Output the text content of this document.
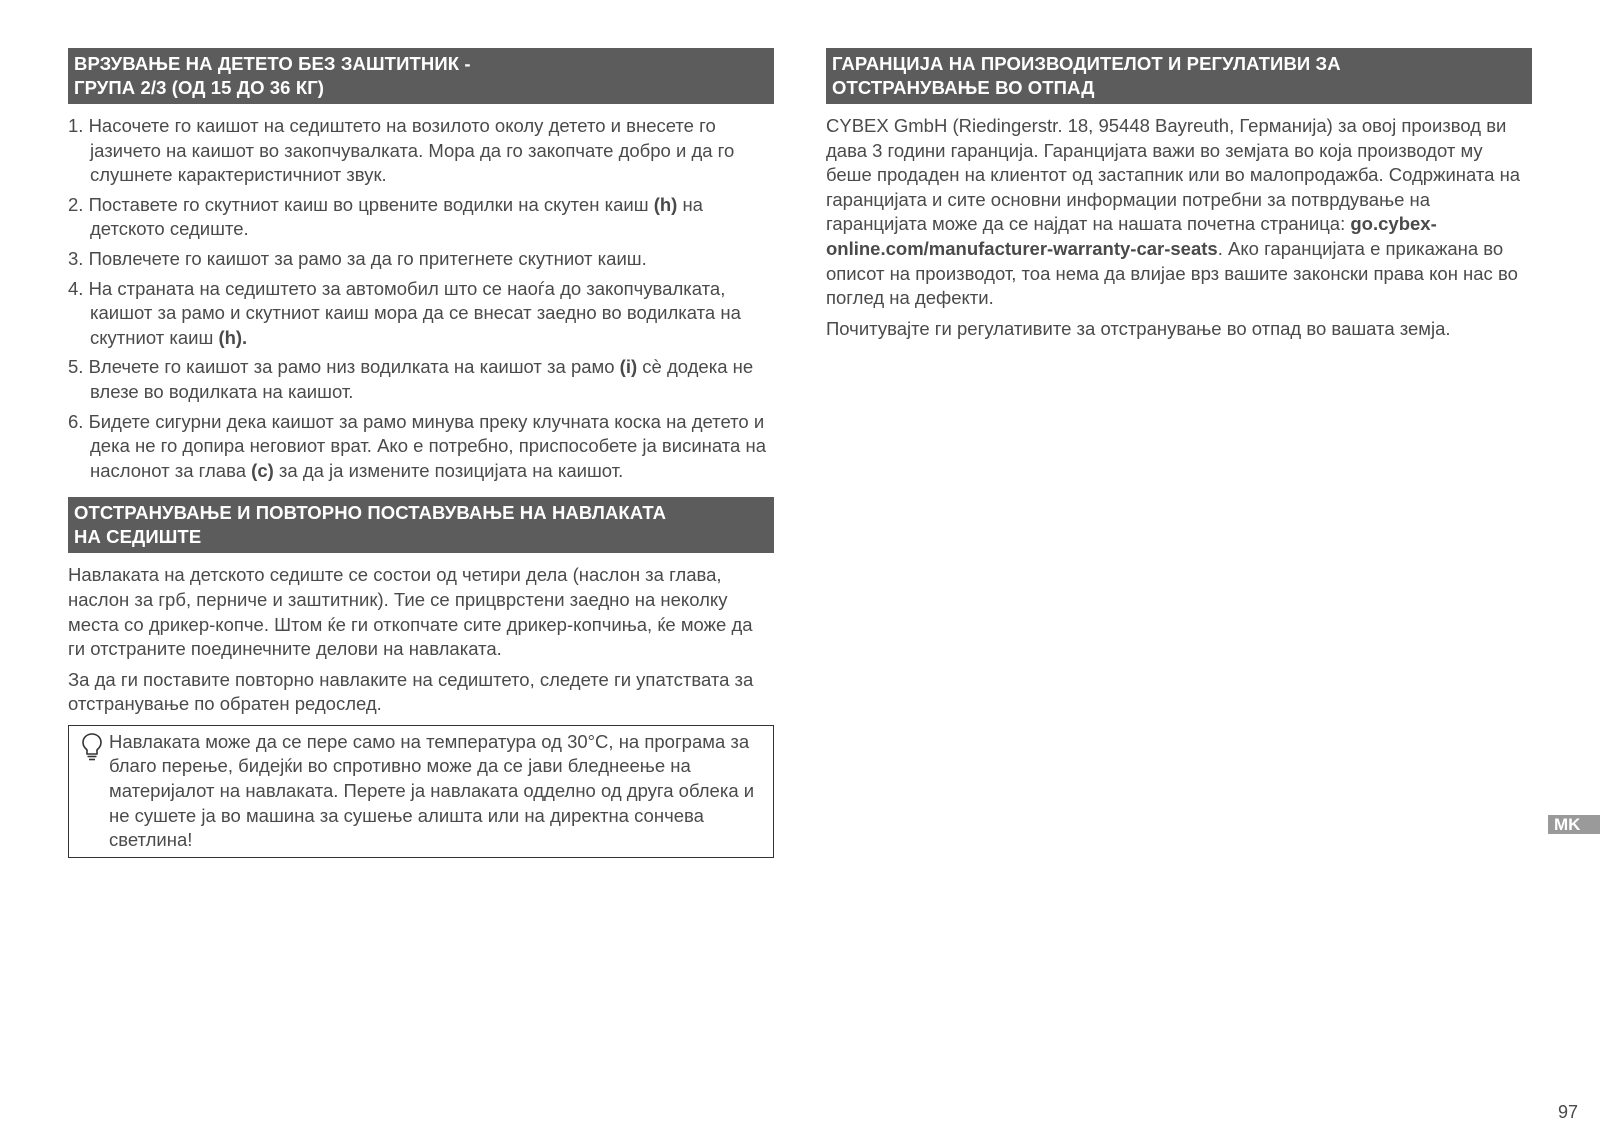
ВРЗУВАЊЕ НА ДЕТЕТО БЕЗ ЗАШТИТНИК -
ГРУПА 2/3 (ОД 15 ДО 36 КГ)
1. Насочете го каишот на седиштето на возилото околу детето и внесете го јазичето на каишот во закопчувалката. Мора да го закопчате добро и да го слушнете карактеристичниот звук.
2. Поставете го скутниот каиш во црвените водилки на скутен каиш (h) на детското седиште.
3. Повлечете го каишот за рамо за да го притегнете скутниот каиш.
4. На страната на седиштето за автомобил што се наоѓа до закопчувалката, каишот за рамо и скутниот каиш мора да се внесат заедно во водилката на скутниот каиш (h).
5. Влечете го каишот за рамо низ водилката на каишот за рамо (i) сѐ додека не влезе во водилката на каишот.
6. Бидете сигурни дека каишот за рамо минува преку клучната коска на детето и дека не го допира неговиот врат. Ако е потребно, приспособете ја висината на наслонот за глава (c) за да ја измените позицијата на каишот.
ОТСТРАНУВАЊЕ И ПОВТОРНО ПОСТАВУВАЊЕ НА НАВЛАКАТА
НА СЕДИШТЕ

Навлаката на детското седиште се состои од четири дела (наслон за глава, наслон за грб, перниче и заштитник). Тие се прицврстени заедно на неколку места со дрикер-копче. Штом ќе ги откопчате сите дрикер-копчиња, ќе може да ги отстраните поединечните делови на навлаката.

За да ги поставите повторно навлаките на седиштето, следете ги упатствата за отстранување по обратен редослед.

Навлаката може да се пере само на температура од 30°C, на програма за благо перење, бидејќи во спротивно може да се јави бледнеење на материјалот на навлаката. Перете ја навлаката одделно од друга облека и не сушете ја во машина за сушење алишта или на директна сончева светлина!

ГАРАНЦИЈА НА ПРОИЗВОДИТЕЛОТ И РЕГУЛАТИВИ ЗА
ОТСТРАНУВАЊЕ ВО ОТПАД

CYBEX GmbH (Riedingerstr. 18, 95448 Bayreuth, Германија) за овој производ ви дава 3 години гаранција. Гаранцијата важи во земјата во која производот му беше продаден на клиентот од застапник или во малопродажба. Содржината на гаранцијата и сите основни информации потребни за потврдување на гаранцијата може да се најдат на нашата почетна страница: go.cybex-online.com/manufacturer-warranty-car-seats. Ако гаранцијата е прикажана во описот на производот, тоа нема да влијае врз вашите законски права кон нас во поглед на дефекти.

Почитувајте ги регулативите за отстранување во отпад во вашата земја.

MK
97
